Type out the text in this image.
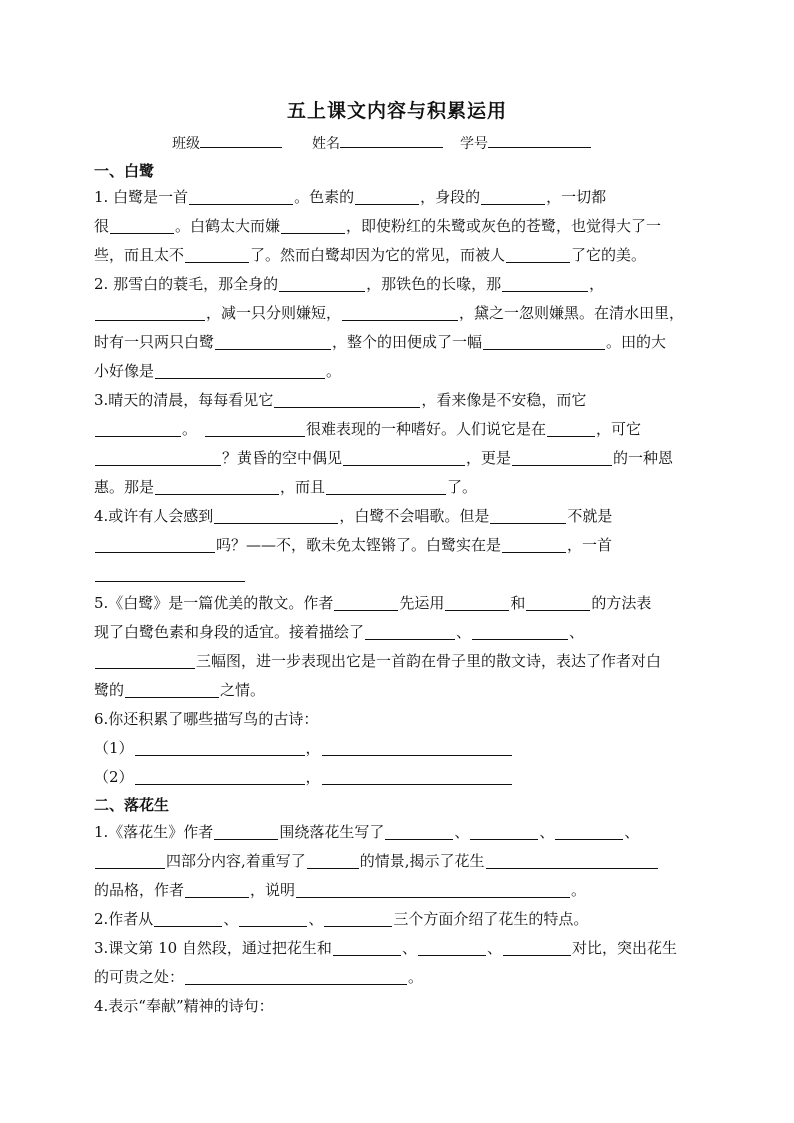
五上课文内容与积累运用
班级	姓名	学号
一、白鹭
1. 白鹭是一首	。色素的	，身段的	，一切都
很	。白鹤太大而嫌	，即使粉红的朱鹭或灰色的苍鹭，也觉得大了一
些，而且太不	了。然而白鹭却因为它的常见，而被人	了它的美。
2. 那雪白的蓑毛，那全身的	，那铁色的长喙，那	，
，减一只分则嫌短，	，黛之一忽则嫌黑。在清水田里，
时有一只两只白鹭	，整个的田便成了一幅	。田的大
小好像是	。
3.晴天的清晨，每每看见它	，看来像是不安稳，而它
。	很难表现的一种嗜好。人们说它是在	，可它
？黄昏的空中偶见	，更是	的一种恩
惠。那是	，而且	了。
4.或许有人会感到	，白鹭不会唱歌。但是	不就是
吗？——不，歌未免太铿锵了。白鹭实在是	，一首
5.《白鹭》是一篇优美的散文。作者	先运用	和	的方法表
现了白鹭色素和身段的适宜。接着描绘了	、	、
三幅图，进一步表现出它是一首韵在骨子里的散文诗，表达了作者对白
鹭的	之情。
6.你还积累了哪些描写鸟的古诗：
（1）	，
（2）	，
二、落花生
1.《落花生》作者	围绕落花生写了	、	、	、
四部分内容,着重写了	的情景,揭示了花生
的品格，作者	，说明	。
2.作者从	、	、	三个方面介绍了花生的特点。
3.课文第 10 自然段，通过把花生和	、	、	对比，突出花生
的可贵之处：	。
4.表示“奉献”精神的诗句：
